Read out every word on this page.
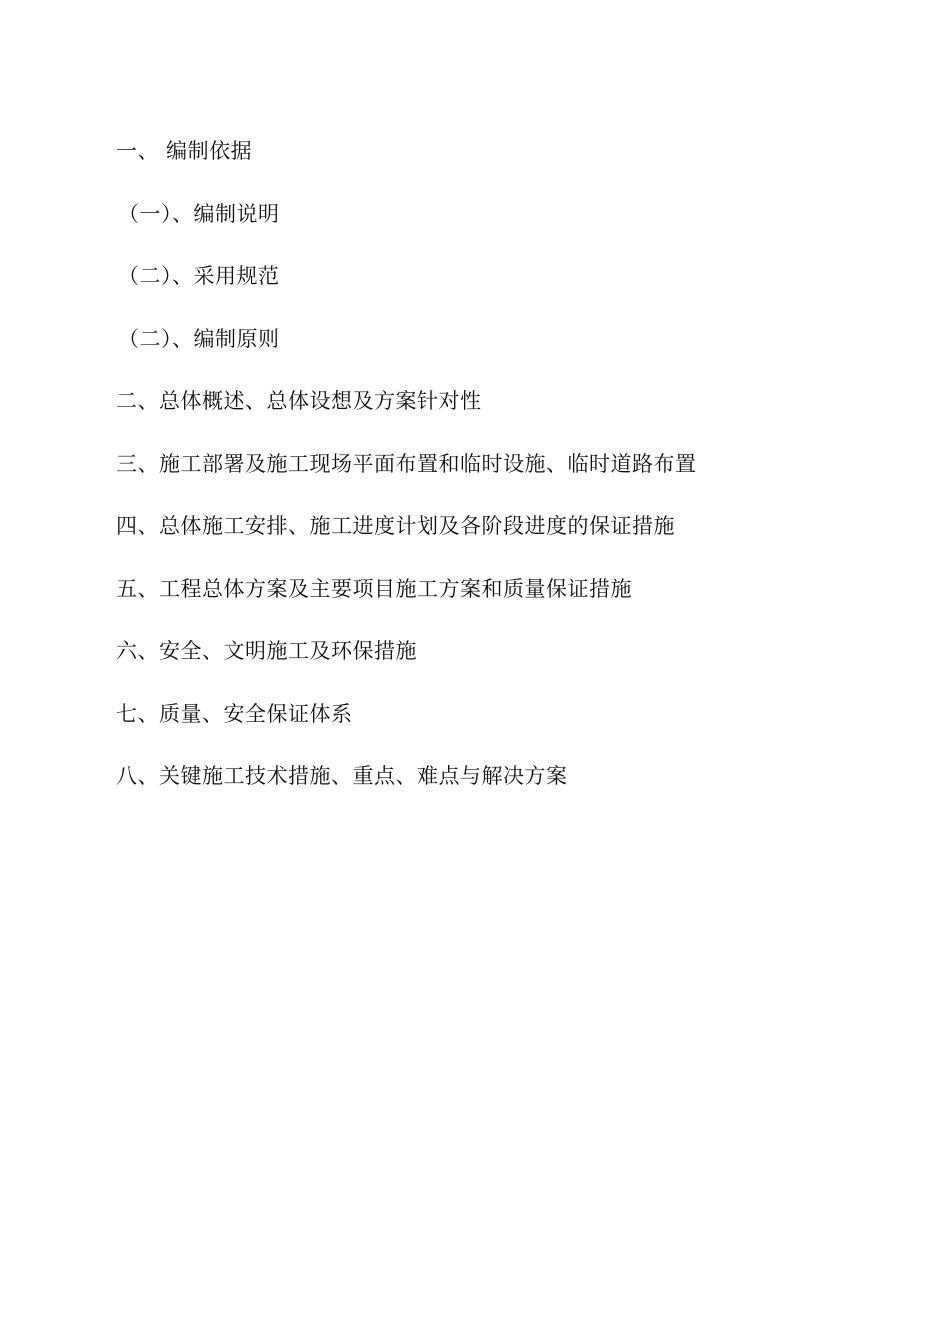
一、 编制依据
（一）、编制说明
（二）、采用规范
（二）、编制原则
二、总体概述、总体设想及方案针对性
三、施工部署及施工现场平面布置和临时设施、临时道路布置
四、总体施工安排、施工进度计划及各阶段进度的保证措施
五、工程总体方案及主要项目施工方案和质量保证措施
六、安全、文明施工及环保措施
七、质量、安全保证体系
八、关键施工技术措施、重点、难点与解决方案
